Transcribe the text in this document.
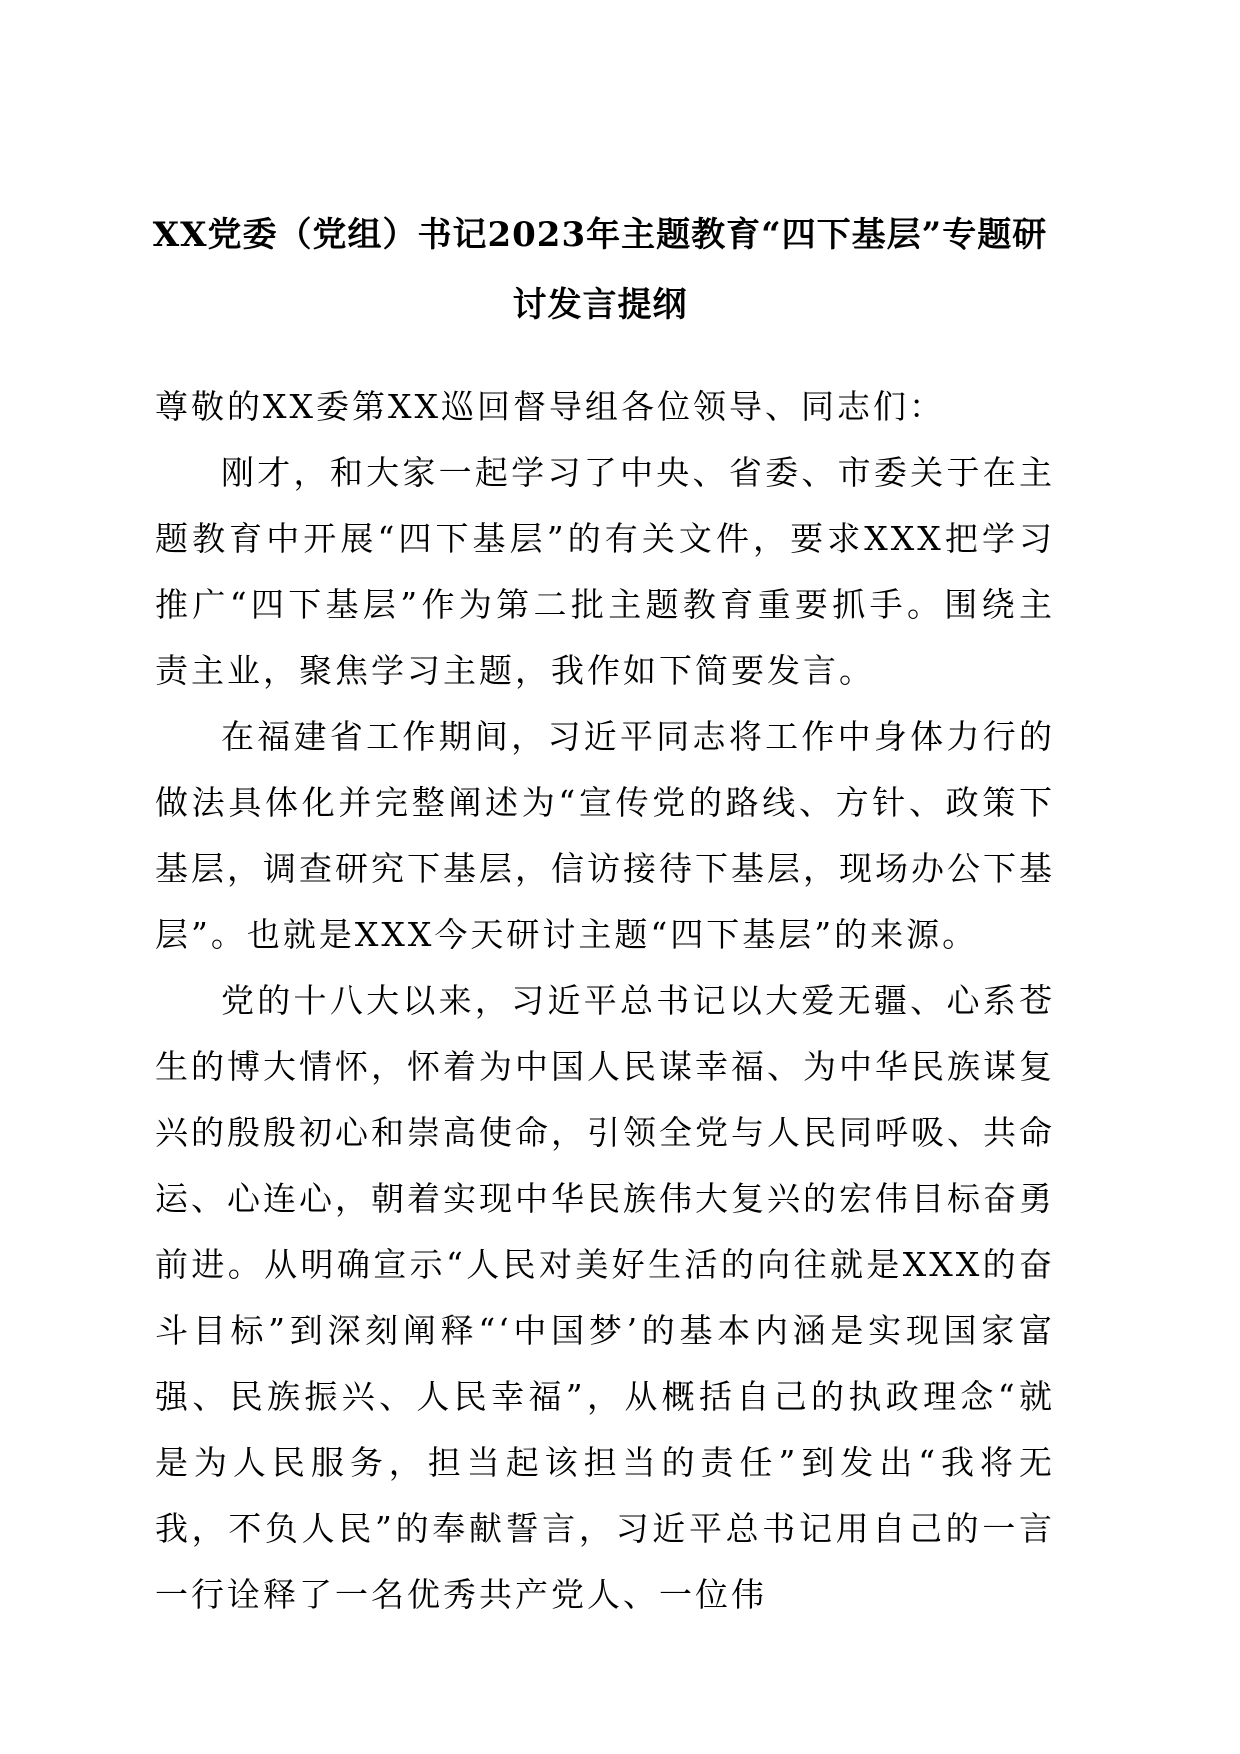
XX党委（党组）书记2023年主题教育“四下基层”专题研讨发言提纲

尊敬的XX委第XX巡回督导组各位领导、同志们：

刚才，和大家一起学习了中央、省委、市委关于在主题教育中开展“四下基层”的有关文件，要求XXX把学习推广“四下基层”作为第二批主题教育重要抓手。围绕主责主业，聚焦学习主题，我作如下简要发言。

在福建省工作期间，习近平同志将工作中身体力行的做法具体化并完整阐述为“宣传党的路线、方针、政策下基层，调查研究下基层，信访接待下基层，现场办公下基层”。也就是XXX今天研讨主题“四下基层”的来源。

党的十八大以来，习近平总书记以大爱无疆、心系苍生的博大情怀，怀着为中国人民谋幸福、为中华民族谋复兴的殷殷初心和崇高使命，引领全党与人民同呼吸、共命运、心连心，朝着实现中华民族伟大复兴的宏伟目标奋勇前进。从明确宣示“人民对美好生活的向往就是XXX的奋斗目标”到深刻阐释“‘中国梦’的基本内涵是实现国家富强、民族振兴、人民幸福”，从概括自己的执政理念“就是为人民服务，担当起该担当的责任”到发出“我将无我，不负人民”的奉献誓言，习近平总书记用自己的一言一行诠释了一名优秀共产党人、一位伟
